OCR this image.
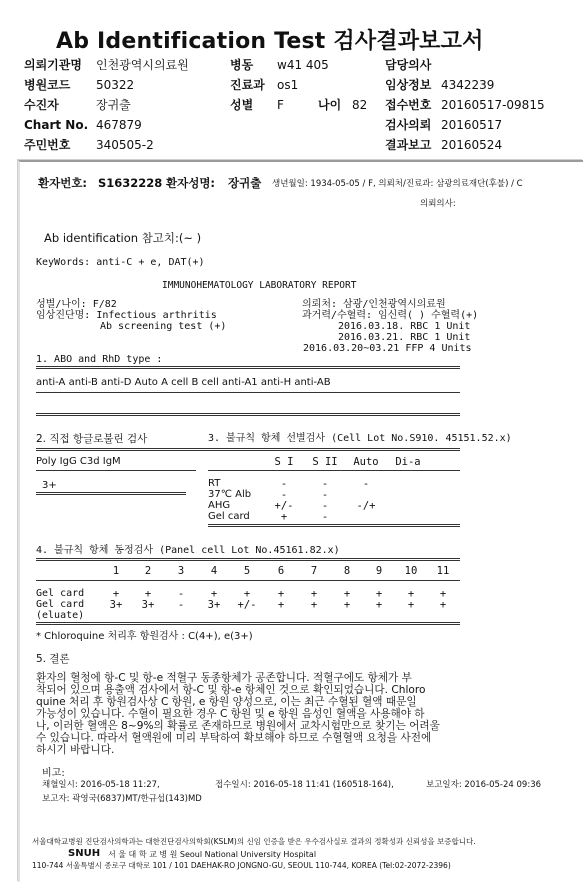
Ab Identification Test 검사결과보고서
의뢰기관명 인천광역시의료원
병원코드 50322
수진자	장귀출
Chart No. 467879
주민번호 340505-2
병동 w41 405
진료과 os1
성별 F	나이 82
담당의사
임상정보 4342239
접수번호 20160517-09815
검사의뢰 20160517
결과보고 20160524
환자번호: S1632228 환자성명: 장귀출 생년월일: 1934-05-05 / F, 의뢰처/진료과: 삼광의료재단(후불) / C
의뢰의사:
Ab identification 참고치:(~ )
KeyWords: anti-C + e, DAT(+)
IMMUNOHEMATOLOGY LABORATORY REPORT
성별/나이: F/82
임상진단명: Infectious arthritis
Ab screening test (+)
의뢰처: 삼광/인천광역시의료원
과거력/수혈력: 임신력( ) 수혈력(+)
2016.03.18. RBC 1 Unit
2016.03.21. RBC 1 Unit
2016.03.20~03.21 FFP 4 Units
1. ABO and RhD type :
anti-A anti-B anti-D Auto A cell B cell anti-A1 anti-H anti-AB
2. 직접 항글로불린 검사	3. 불규칙 항체 선별검사 (Cell Lot No.S910. 45151.52.x)
Poly IgG C3d IgM
3+
S I	S II	Auto	Di-a
RT	-	-	-
37℃ Alb	-	-
AHG	+/-	-	-/+
Gel card	+	-
4. 불규칙 항체 동정검사 (Panel cell Lot No.45161.82.x)
1	2	3	4	5	6	7	8	9	10	11
Gel card	+	+	-	+	+	+	+	+	+	+	+
Gel card	3+	3+	-	3+	+/-	+	+	+	+	+	+
(eluate)
* Chloroquine 처리후 항원검사 : C(4+), e(3+)
5. 결론
환자의 혈청에 항-C 및 항-e 적혈구 동종항체가 공존합니다. 적혈구에도 항체가 부
착되어 있으며 용출액 검사에서 항-C 및 항-e 항체인 것으로 확인되었습니다. Chloro
quine 처리 후 항원검사상 C 항원, e 항원 양성으로, 이는 최근 수혈된 혈액 때문일
가능성이 있습니다. 수혈이 필요한 경우 C 항원 및 e 항원 음성인 혈액을 사용해야 하
나, 이러한 혈액은 8~9%의 확률로 존재하므로 병원에서 교차시험만으로 찾기는 어려울
수 있습니다. 따라서 혈액원에 미리 부탁하여 확보해야 하므로 수혈혈액 요청을 사전에
하시기 바랍니다.
비고:
채혈일시: 2016-05-18 11:27,	접수일시: 2016-05-18 11:41 (160518-164),	보고일자: 2016-05-24 09:36
보고자: 곽영국(6837)MT/한규섭(143)MD
서울대학교병원 진단검사의학과는 대한진단검사의학회(KSLM)의 신임 인증을 받은 우수검사실로 결과의 정확성과 신뢰성을 보증합니다.
SNUH 서 울 대 학 교 병 원 Seoul National University Hospital
110-744 서울특별시 종로구 대학로 101 / 101 DAEHAK-RO JONGNO-GU, SEOUL 110-744, KOREA (Tel:02-2072-2396)
